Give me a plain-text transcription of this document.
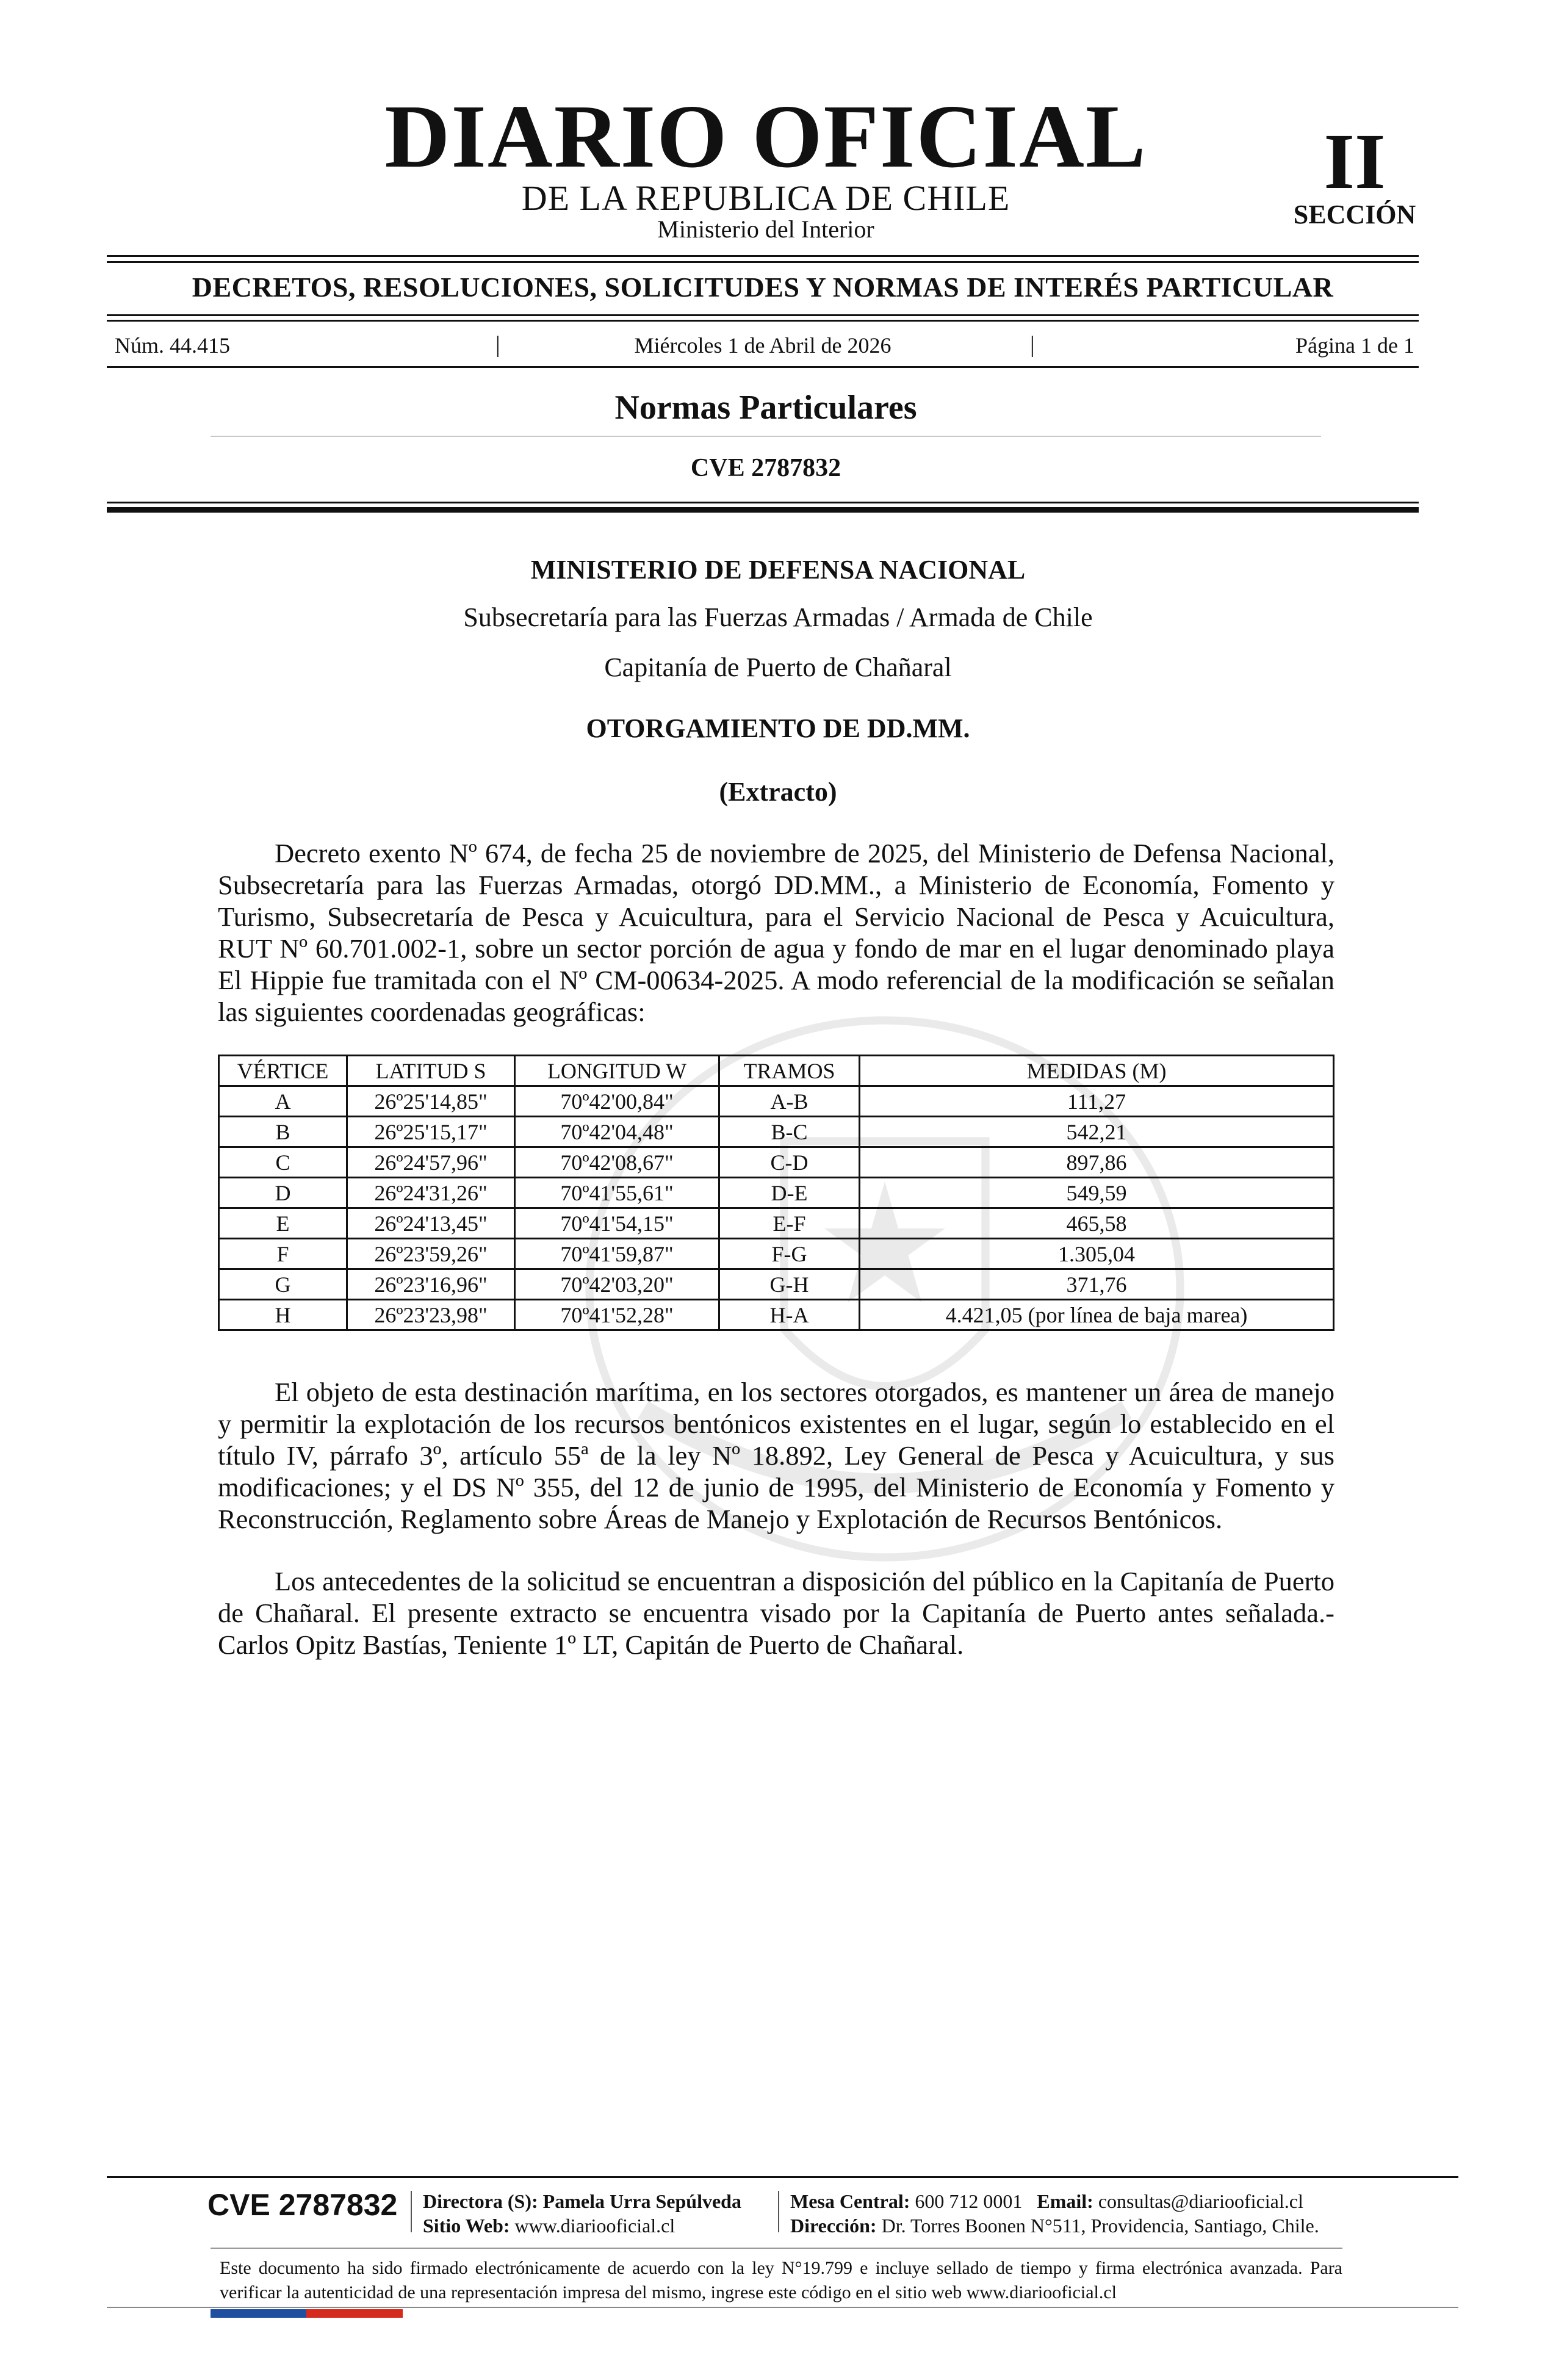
DIARIO OFICIAL
DE LA REPUBLICA DE CHILE
Ministerio del Interior
II
SECCIÓN
DECRETOS, RESOLUCIONES, SOLICITUDES Y NORMAS DE INTERÉS PARTICULAR
Núm. 44.415	|	Miércoles 1 de Abril de 2026	|	Página 1 de 1
Normas Particulares
CVE 2787832
MINISTERIO DE DEFENSA NACIONAL
Subsecretaría para las Fuerzas Armadas / Armada de Chile
Capitanía de Puerto de Chañaral
OTORGAMIENTO DE DD.MM.
(Extracto)

Decreto exento Nº 674, de fecha 25 de noviembre de 2025, del Ministerio de Defensa Nacional, Subsecretaría para las Fuerzas Armadas, otorgó DD.MM., a Ministerio de Economía, Fomento y Turismo, Subsecretaría de Pesca y Acuicultura, para el Servicio Nacional de Pesca y Acuicultura, RUT Nº 60.701.002-1, sobre un sector porción de agua y fondo de mar en el lugar denominado playa El Hippie fue tramitada con el Nº CM-00634-2025. A modo referencial de la modificación se señalan las siguientes coordenadas geográficas:

VÉRTICE	LATITUD S	LONGITUD W	TRAMOS	MEDIDAS (M)
A	26º25'14,85"	70º42'00,84"	A-B	111,27
B	26º25'15,17"	70º42'04,48"	B-C	542,21
C	26º24'57,96"	70º42'08,67"	C-D	897,86
D	26º24'31,26"	70º41'55,61"	D-E	549,59
E	26º24'13,45"	70º41'54,15"	E-F	465,58
F	26º23'59,26"	70º41'59,87"	F-G	1.305,04
G	26º23'16,96"	70º42'03,20"	G-H	371,76
H	26º23'23,98"	70º41'52,28"	H-A	4.421,05 (por línea de baja marea)

El objeto de esta destinación marítima, en los sectores otorgados, es mantener un área de manejo y permitir la explotación de los recursos bentónicos existentes en el lugar, según lo establecido en el título IV, párrafo 3º, artículo 55ª de la ley Nº 18.892, Ley General de Pesca y Acuicultura, y sus modificaciones; y el DS Nº 355, del 12 de junio de 1995, del Ministerio de Economía y Fomento y Reconstrucción, Reglamento sobre Áreas de Manejo y Explotación de Recursos Bentónicos.

Los antecedentes de la solicitud se encuentran a disposición del público en la Capitanía de Puerto de Chañaral. El presente extracto se encuentra visado por la Capitanía de Puerto antes señalada.- Carlos Opitz Bastías, Teniente 1º LT, Capitán de Puerto de Chañaral.

CVE 2787832 Directora (S): Pamela Urra Sepúlveda
Sitio Web: www.diariooficial.cl
Mesa Central: 600 712 0001 Email: consultas@diariooficial.cl
Dirección: Dr. Torres Boonen N°511, Providencia, Santiago, Chile.
Este documento ha sido firmado electrónicamente de acuerdo con la ley N°19.799 e incluye sellado de tiempo y firma electrónica avanzada. Para verificar la autenticidad de una representación impresa del mismo, ingrese este código en el sitio web www.diariooficial.cl
